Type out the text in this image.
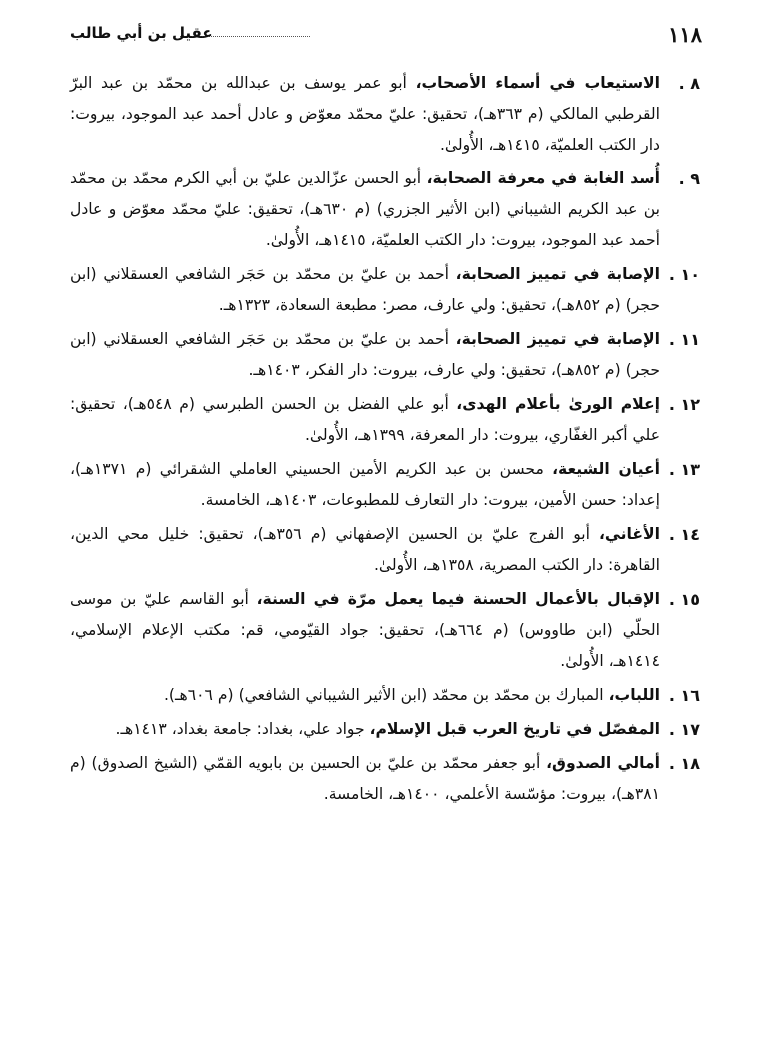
١١٨
عقيل بن أبي طالب
٨ .

الاستيعاب في أسماء الأصحاب، أبو عمر يوسف بن عبدالله بن محمّد بن عبد البرّ القرطبي المالكي (م ٣٦٣هـ)، تحقيق: عليّ محمّد معوّض و عادل أحمد عبد الموجود، بيروت: دار الكتب العلميّة، ١٤١٥هـ، الأُولىٰ.

٩ .

أُسد الغابة في معرفة الصحابة، أبو الحسن عزّالدين عليّ بن أبي الكرم محمّد بن محمّد بن عبد الكريم الشيباني (ابن الأثير الجزري) (م ٦٣٠هـ)، تحقيق: عليّ محمّد معوّض و عادل أحمد عبد الموجود، بيروت: دار الكتب العلميّة، ١٤١٥هـ، الأُولىٰ.

١٠ .

الإصابة في تمييز الصحابة، أحمد بن عليّ بن محمّد بن حَجَر الشافعي العسقلاني (ابن حجر) (م ٨٥٢هـ)، تحقيق: ولي عارف، مصر: مطبعة السعادة، ١٣٢٣هـ.

١١ .

الإصابة في تمييز الصحابة، أحمد بن عليّ بن محمّد بن حَجَر الشافعي العسقلاني (ابن حجر) (م ٨٥٢هـ)، تحقيق: ولي عارف، بيروت: دار الفكر، ١٤٠٣هـ.

١٢ .

إعلام الورىٰ بأعلام الهدى، أبو علي الفضل بن الحسن الطبرسي (م ٥٤٨هـ)، تحقيق: علي أكبر الغفّاري، بيروت: دار المعرفة، ١٣٩٩هـ، الأُولىٰ.

١٣ .

أعيان الشيعة، محسن بن عبد الكريم الأمين الحسيني العاملي الشقرائي (م ١٣٧١هـ)، إعداد: حسن الأمين، بيروت: دار التعارف للمطبوعات، ١٤٠٣هـ، الخامسة.

١٤ .

الأغاني، أبو الفرج عليّ بن الحسين الإصفهاني (م ٣٥٦هـ)، تحقيق: خليل محي الدين، القاهرة: دار الكتب المصرية، ١٣٥٨هـ، الأُولىٰ.

١٥ .

الإقبال بالأعمال الحسنة فيما يعمل مرّة في السنة، أبو القاسم عليّ بن موسى الحلّي (ابن طاووس) (م ٦٦٤هـ)، تحقيق: جواد القيّومي، قم: مكتب الإعلام الإسلامي، ١٤١٤هـ، الأُولىٰ.

١٦ .

اللباب، المبارك بن محمّد بن محمّد (ابن الأثير الشيباني الشافعي) (م ٦٠٦هـ).

١٧ .

المفصّل في تاريخ العرب قبل الإسلام، جواد علي، بغداد: جامعة بغداد، ١٤١٣هـ.

١٨ .

أمالي الصدوق، أبو جعفر محمّد بن عليّ بن الحسين بن بابويه القمّي (الشيخ الصدوق) (م ٣٨١هـ)، بيروت: مؤسّسة الأعلمي، ١٤٠٠هـ، الخامسة.
